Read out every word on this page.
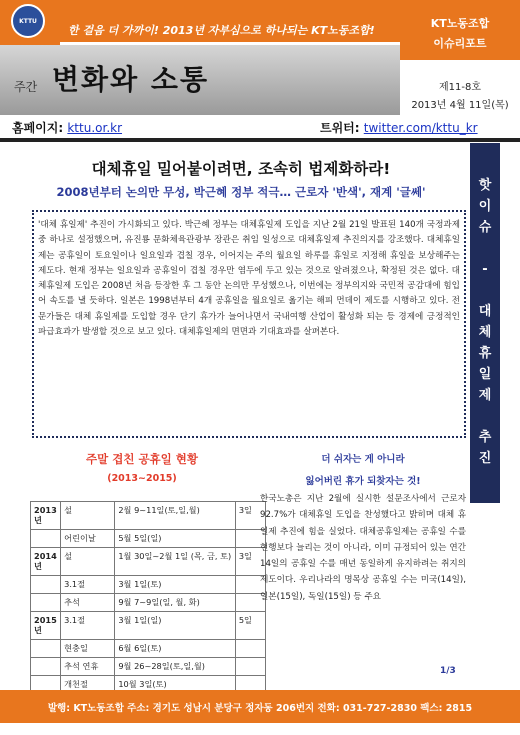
KTTU
한 걸음 더 가까이! 2013년 자부심으로 하나되는 KT노동조합!
KT노동조합
이슈리포트
주간 변화와 소통	제11-8호
2013년 4월 11일(목)
홈페이지: kttu.or.kr	트위터: twitter.com/kttu_kr
핫
이
슈

-

대
체
휴
일
제

추
진
대체휴일 밀어붙이려면, 조속히 법제화하라!
2008년부터 논의만 무성, 박근혜 정부 적극… 근로자 '반색', 재계 '글쎄'

'대체 휴일제' 추진이 가시화되고 있다. 박근혜 정부는 대체휴일제 도입을 지난 2월 21일 발표된 140개 국정과제 중 하나로 설정했으며, 유진룡 문화체육관광부 장관은 취임 일성으로 대체휴일제 추진의지를 강조했다. 대체휴일제는 공휴일이 토요일이나 일요일과 겹칠 경우, 이어지는 주의 월요일 하루를 휴일로 지정해 휴일을 보상해주는 제도다. 현재 정부는 일요일과 공휴일이 겹칠 경우만 염두에 두고 있는 것으로 알려졌으나, 확정된 것은 없다. 대체휴일제 도입은 2008년 처음 등장한 후 그 동안 논의만 무성했으나, 이번에는 정부의지와 국민적 공감대에 힘입어 속도를 낼 듯하다. 일본은 1998년부터 4개 공휴일을 월요일로 옮기는 해피 먼데이 제도를 시행하고 있다. 전문가들은 대체 휴일제를 도입할 경우 단기 휴가가 늘어나면서 국내여행 산업이 활성화 되는 등 경제에 긍정적인 파급효과가 발생할 것으로 보고 있다. 대체휴일제의 면면과 기대효과를 살펴본다.

주말 겹친 공휴일 현황
(2013~2015)
2013년	설	2월 9~11일(토,일,월)	3일
	어린이날	5월 5일(일)	
2014년	설	1월 30일~2월 1일 (목, 금, 토)	3일
	3.1절	3월 1일(토)	
	추석	9월 7~9일(일, 월, 화)	
2015년	3.1절	3월 1일(일)	5일
	현충일	6월 6일(토)	
	추석 연휴	9월 26~28일(토,일,월)	
	개천절	10월 3일(토)	
더 쉬자는 게 아니라
잃어버린 휴가 되찾자는 것!

한국노총은 지난 2월에 실시한 설문조사에서 근로자 92.7%가 대체휴일 도입을 찬성했다고 밝히며 대체 휴일제 추진에 힘을 실었다. 대체공휴일제는 공휴일 수를 현행보다 늘리는 것이 아니라, 이미 규정되어 있는 연간 14일의 공휴일 수를 매년 동일하게 유지하려는 취지의 제도이다. 우리나라의 명목상 공휴일 수는 미국(14일), 일본(15일), 독일(15일) 등 주요

1/3
발행: KT노동조합 주소: 경기도 성남시 분당구 정자동 206번지 전화: 031-727-2830 팩스: 2815
